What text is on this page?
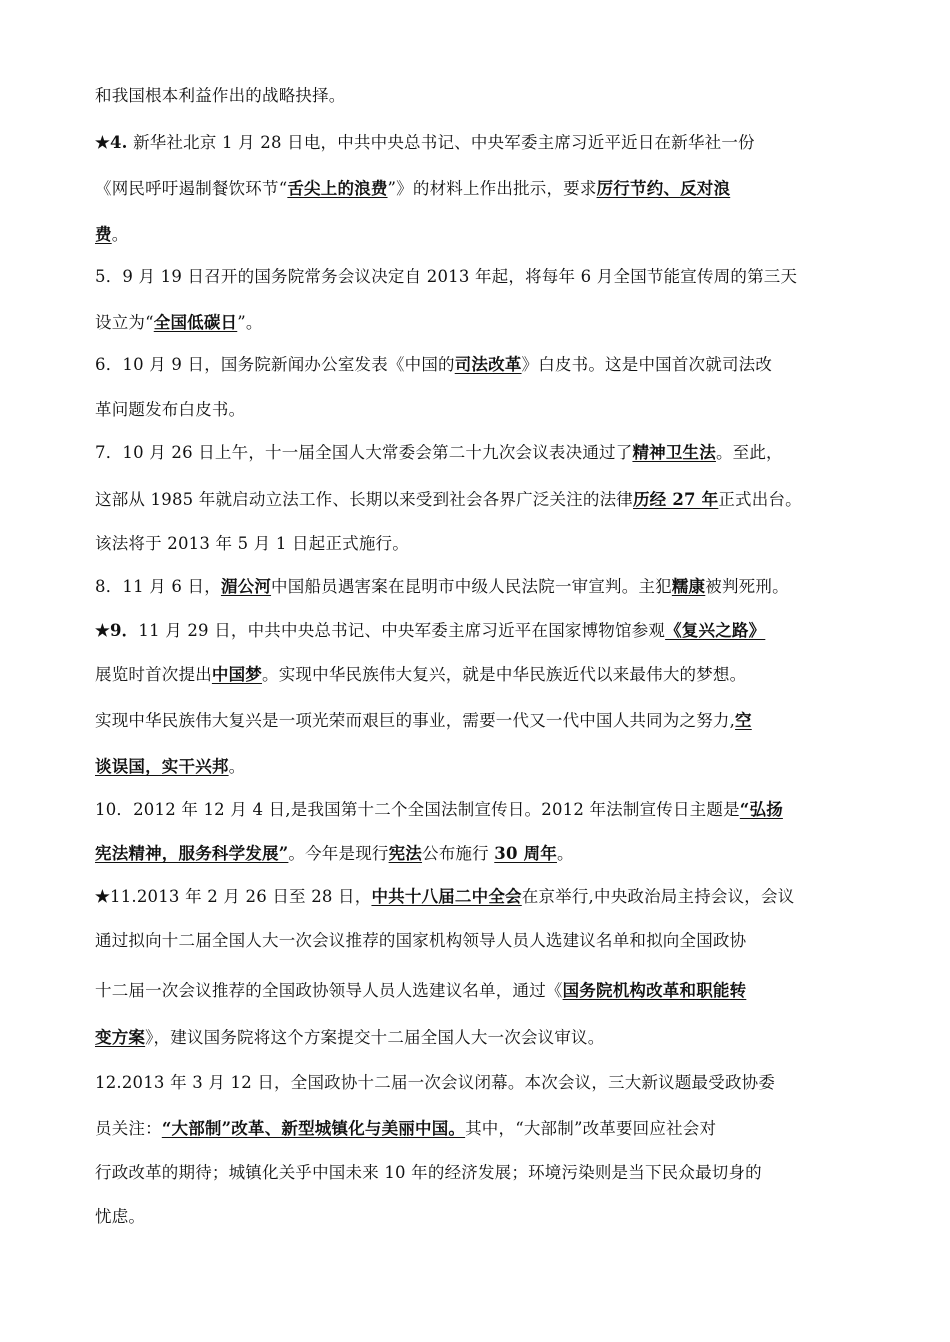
和我国根本利益作出的战略抉择。
★4. 新华社北京 1 月 28 日电，中共中央总书记、中央军委主席习近平近日在新华社一份
《网民呼吁遏制餐饮环节“舌尖上的浪费”》的材料上作出批示，要求厉行节约、反对浪
费。
5．9 月 19 日召开的国务院常务会议决定自 2013 年起，将每年 6 月全国节能宣传周的第三天
设立为“全国低碳日”。
6．10 月 9 日，国务院新闻办公室发表《中国的司法改革》白皮书。这是中国首次就司法改
革问题发布白皮书。
7．10 月 26 日上午，十一届全国人大常委会第二十九次会议表决通过了精神卫生法。至此，
这部从 1985 年就启动立法工作、长期以来受到社会各界广泛关注的法律历经 27 年正式出台。
该法将于 2013 年 5 月 1 日起正式施行。
8．11 月 6 日，湄公河中国船员遇害案在昆明市中级人民法院一审宣判。主犯糯康被判死刑。
★9．11 月 29 日，中共中央总书记、中央军委主席习近平在国家博物馆参观《复兴之路》
展览时首次提出中国梦。实现中华民族伟大复兴，就是中华民族近代以来最伟大的梦想。
实现中华民族伟大复兴是一项光荣而艰巨的事业，需要一代又一代中国人共同为之努力,空
谈误国，实干兴邦。
10．2012 年 12 月 4 日,是我国第十二个全国法制宣传日。2012 年法制宣传日主题是“弘扬
宪法精神，服务科学发展”。今年是现行宪法公布施行 30 周年。
★11.2013 年 2 月 26 日至 28 日，中共十八届二中全会在京举行,中央政治局主持会议，会议
通过拟向十二届全国人大一次会议推荐的国家机构领导人员人选建议名单和拟向全国政协
十二届一次会议推荐的全国政协领导人员人选建议名单，通过《国务院机构改革和职能转
变方案》，建议国务院将这个方案提交十二届全国人大一次会议审议。
12.2013 年 3 月 12 日，全国政协十二届一次会议闭幕。本次会议，三大新议题最受政协委
员关注：“大部制”改革、新型城镇化与美丽中国。其中，“大部制”改革要回应社会对
行政改革的期待；城镇化关乎中国未来 10 年的经济发展；环境污染则是当下民众最切身的
忧虑。
